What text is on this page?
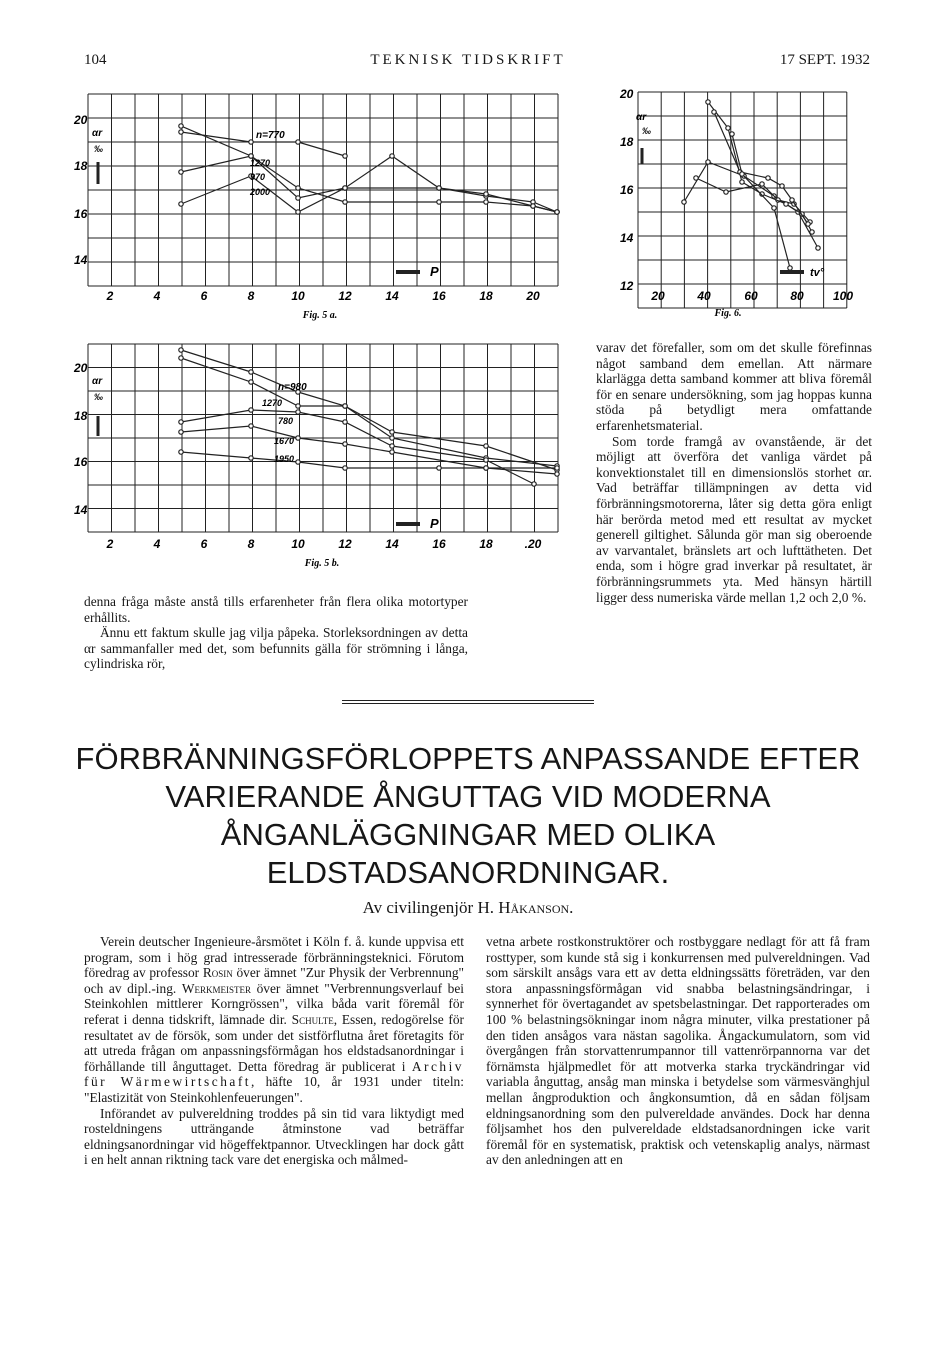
104	TEKNISK TIDSKRIFT	17 SEPT. 1932
20
18
16
14
2	4	6	8	10	12	14	16	18	20
αr
‰
P
n=770
1270
970
2000
Fig. 5 a.
20
18
16
14
12
20	40	60	80 100
αr
‰
tv°
Fig. 6.
20
18
16
14
2	4	6	8	10	12	14	16	18	.20
αr
‰
P
n=980
1270
780
1670
1950
Fig. 5 b.

varav det förefaller, som om det skulle förefinnas något samband dem emellan. Att närmare klarlägga detta samband kommer att bliva föremål för en senare undersökning, som jag hoppas kunna stöda på betydligt mera omfattande erfarenhetsmaterial.

Som torde framgå av ovanstående, är det möjligt att överföra det vanliga värdet på konvektionstalet till en dimensionslös storhet αr. Vad beträffar tillämpningen av detta vid förbränningsmotorerna, låter sig detta göra enligt här berörda metod med ett resultat av mycket generell giltighet. Sålunda gör man sig oberoende av varvantalet, bränslets art och lufttätheten. Det enda, som i högre grad inverkar på resultatet, är förbränningsrummets yta. Med hänsyn härtill ligger dess numeriska värde mellan 1,2 och 2,0 %.

denna fråga måste anstå tills erfarenheter från flera olika motortyper erhållits.

Ännu ett faktum skulle jag vilja påpeka. Storleksordningen av detta αr sammanfaller med det, som befunnits gälla för strömning i långa, cylindriska rör,

FÖRBRÄNNINGSFÖRLOPPETS ANPASSANDE EFTER VARIERANDE ÅNGUTTAG VID MODERNA ÅNGANLÄGGNINGAR MED OLIKA ELDSTADSANORDNINGAR.
Av civilingenjör H. Håkanson.

Verein deutscher Ingenieure-årsmötet i Köln f. å. kunde uppvisa ett program, som i hög grad intresserade förbränningsteknici. Förutom föredrag av professor Rosin över ämnet "Zur Physik der Verbrennung" och av dipl.-ing. Werkmeister över ämnet "Verbrennungsverlauf bei Steinkohlen mittlerer Korngrössen", vilka båda varit föremål för referat i denna tidskrift, lämnade dir. Schulte, Essen, redogörelse för resultatet av de försök, som under det sistförflutna året företagits för att utreda frågan om anpassningsförmågan hos eldstadsanordningar i förhållande till ånguttaget. Detta föredrag är publicerat i Archiv für Wärmewirtschaft, häfte 10, år 1931 under titeln: "Elastizität von Steinkohlenfeuerungen".

Införandet av pulvereldning troddes på sin tid vara liktydigt med rosteldningens utträngande åtminstone vad beträffar eldningsanordningar vid högeffektpannor. Utvecklingen har dock gått i en helt annan riktning tack vare det energiska och målmed-

vetna arbete rostkonstruktörer och rostbyggare nedlagt för att få fram rosttyper, som kunde stå sig i konkurrensen med pulvereldningen. Vad som särskilt ansågs vara ett av detta eldningssätts företräden, var den stora anpassningsförmågan vid snabba belastningsändringar, i synnerhet för övertagandet av spetsbelastningar. Det rapporterades om 100 % belastningsökningar inom några minuter, vilka prestationer på den tiden ansågos vara nästan sagolika. Ångackumulatorn, som vid övergången från storvattenrumpannor till vattenrörpannorna var det förnämsta hjälpmedlet för att motverka starka tryckändringar vid variabla ånguttag, ansåg man minska i betydelse som värmesvänghjul mellan ångproduktion och ångkonsumtion, då en sådan följsam eldningsanordning som den pulvereldade användes. Dock har denna följsamhet hos den pulvereldade eldstadsanordningen icke varit föremål för en systematisk, praktisk och vetenskaplig analys, närmast av den anledningen att en
